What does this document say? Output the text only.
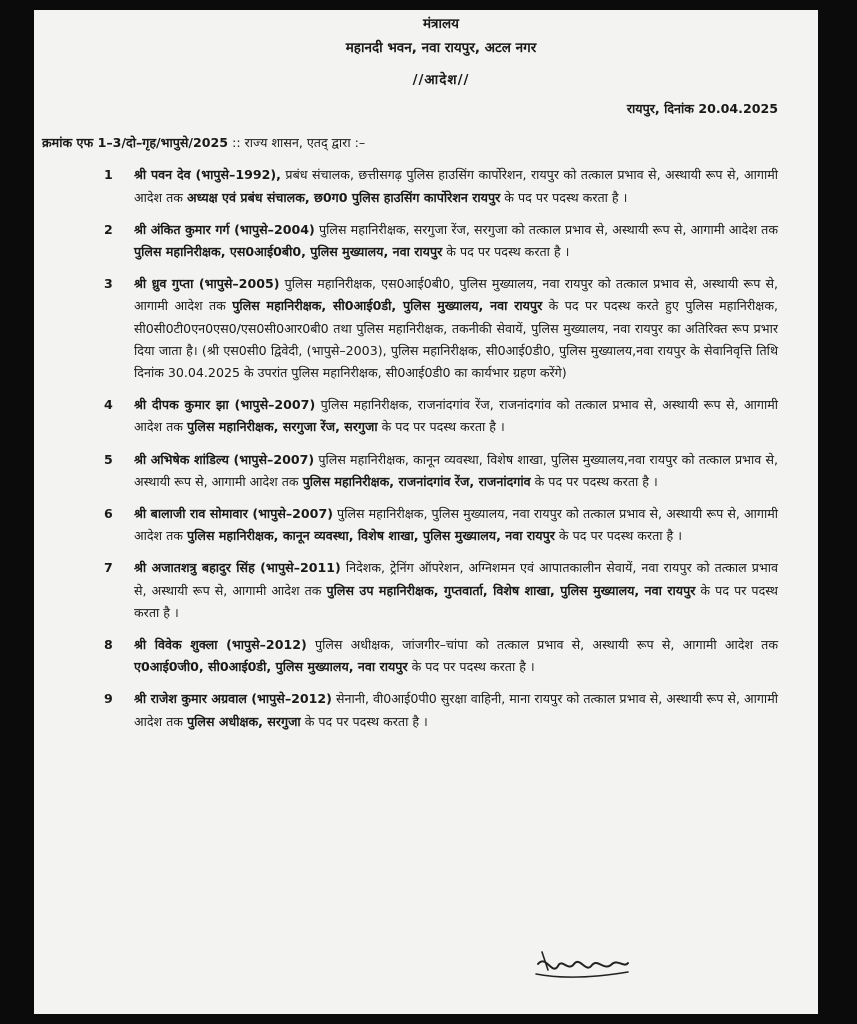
मंत्रालय
महानदी भवन, नवा रायपुर, अटल नगर
//आदेश//
रायपुर, दिनांक 20.04.2025
क्रमांक एफ 1–3/दो–गृह/भापुसे/2025 :: राज्य शासन, एतद् द्वारा :–
1 श्री पवन देव (भापुसे–1992), प्रबंध संचालक, छत्तीसगढ़ पुलिस हाउसिंग कार्पोरेशन, रायपुर को तत्काल प्रभाव से, अस्थायी रूप से, आगामी आदेश तक अध्यक्ष एवं प्रबंध संचालक, छ0ग0 पुलिस हाउसिंग कार्पोरेशन रायपुर के पद पर पदस्थ करता है ।
2 श्री अंकित कुमार गर्ग (भापुसे–2004) पुलिस महानिरीक्षक, सरगुजा रेंज, सरगुजा को तत्काल प्रभाव से, अस्थायी रूप से, आगामी आदेश तक पुलिस महानिरीक्षक, एस0आई0बी0, पुलिस मुख्यालय, नवा रायपुर के पद पर पदस्थ करता है ।
3 श्री ध्रुव गुप्ता (भापुसे–2005) पुलिस महानिरीक्षक, एस0आई0बी0, पुलिस मुख्यालय, नवा रायपुर को तत्काल प्रभाव से, अस्थायी रूप से, आगामी आदेश तक पुलिस महानिरीक्षक, सी0आई0डी, पुलिस मुख्यालय, नवा रायपुर के पद पर पदस्थ करते हुए पुलिस महानिरीक्षक, सी0सी0टी0एन0एस0/एस0सी0आर0बी0 तथा पुलिस महानिरीक्षक, तकनीकी सेवायें, पुलिस मुख्यालय, नवा रायपुर का अतिरिक्त रूप प्रभार दिया जाता है। (श्री एस0सी0 द्विवेदी, (भापुसे–2003), पुलिस महानिरीक्षक, सी0आई0डी0, पुलिस मुख्यालय,नवा रायपुर के सेवानिवृत्ति तिथि दिनांक 30.04.2025 के उपरांत पुलिस महानिरीक्षक, सी0आई0डी0 का कार्यभार ग्रहण करेंगे)
4 श्री दीपक कुमार झा (भापुसे–2007) पुलिस महानिरीक्षक, राजनांदगांव रेंज, राजनांदगांव को तत्काल प्रभाव से, अस्थायी रूप से, आगामी आदेश तक पुलिस महानिरीक्षक, सरगुजा रेंज, सरगुजा के पद पर पदस्थ करता है ।
5 श्री अभिषेक शांडिल्य (भापुसे–2007) पुलिस महानिरीक्षक, कानून व्यवस्था, विशेष शाखा, पुलिस मुख्यालय,नवा रायपुर को तत्काल प्रभाव से, अस्थायी रूप से, आगामी आदेश तक पुलिस महानिरीक्षक, राजनांदगांव रेंज, राजनांदगांव के पद पर पदस्थ करता है ।
6 श्री बालाजी राव सोमावार (भापुसे–2007) पुलिस महानिरीक्षक, पुलिस मुख्यालय, नवा रायपुर को तत्काल प्रभाव से, अस्थायी रूप से, आगामी आदेश तक पुलिस महानिरीक्षक, कानून व्यवस्था, विशेष शाखा, पुलिस मुख्यालय, नवा रायपुर के पद पर पदस्थ करता है ।
7 श्री अजातशत्रु बहादुर सिंह (भापुसे–2011) निदेशक, ट्रेनिंग ऑपरेशन, अग्निशमन एवं आपातकालीन सेवायें, नवा रायपुर को तत्काल प्रभाव से, अस्थायी रूप से, आगामी आदेश तक पुलिस उप महानिरीक्षक, गुप्तवार्ता, विशेष शाखा, पुलिस मुख्यालय, नवा रायपुर के पद पर पदस्थ करता है ।
8 श्री विवेक शुक्ला (भापुसे–2012) पुलिस अधीक्षक, जांजगीर–चांपा को तत्काल प्रभाव से, अस्थायी रूप से, आगामी आदेश तक ए0आई0जी0, सी0आई0डी, पुलिस मुख्यालय, नवा रायपुर के पद पर पदस्थ करता है ।
9 श्री राजेश कुमार अग्रवाल (भापुसे–2012) सेनानी, वी0आई0पी0 सुरक्षा वाहिनी, माना रायपुर को तत्काल प्रभाव से, अस्थायी रूप से, आगामी आदेश तक पुलिस अधीक्षक, सरगुजा के पद पर पदस्थ करता है ।
